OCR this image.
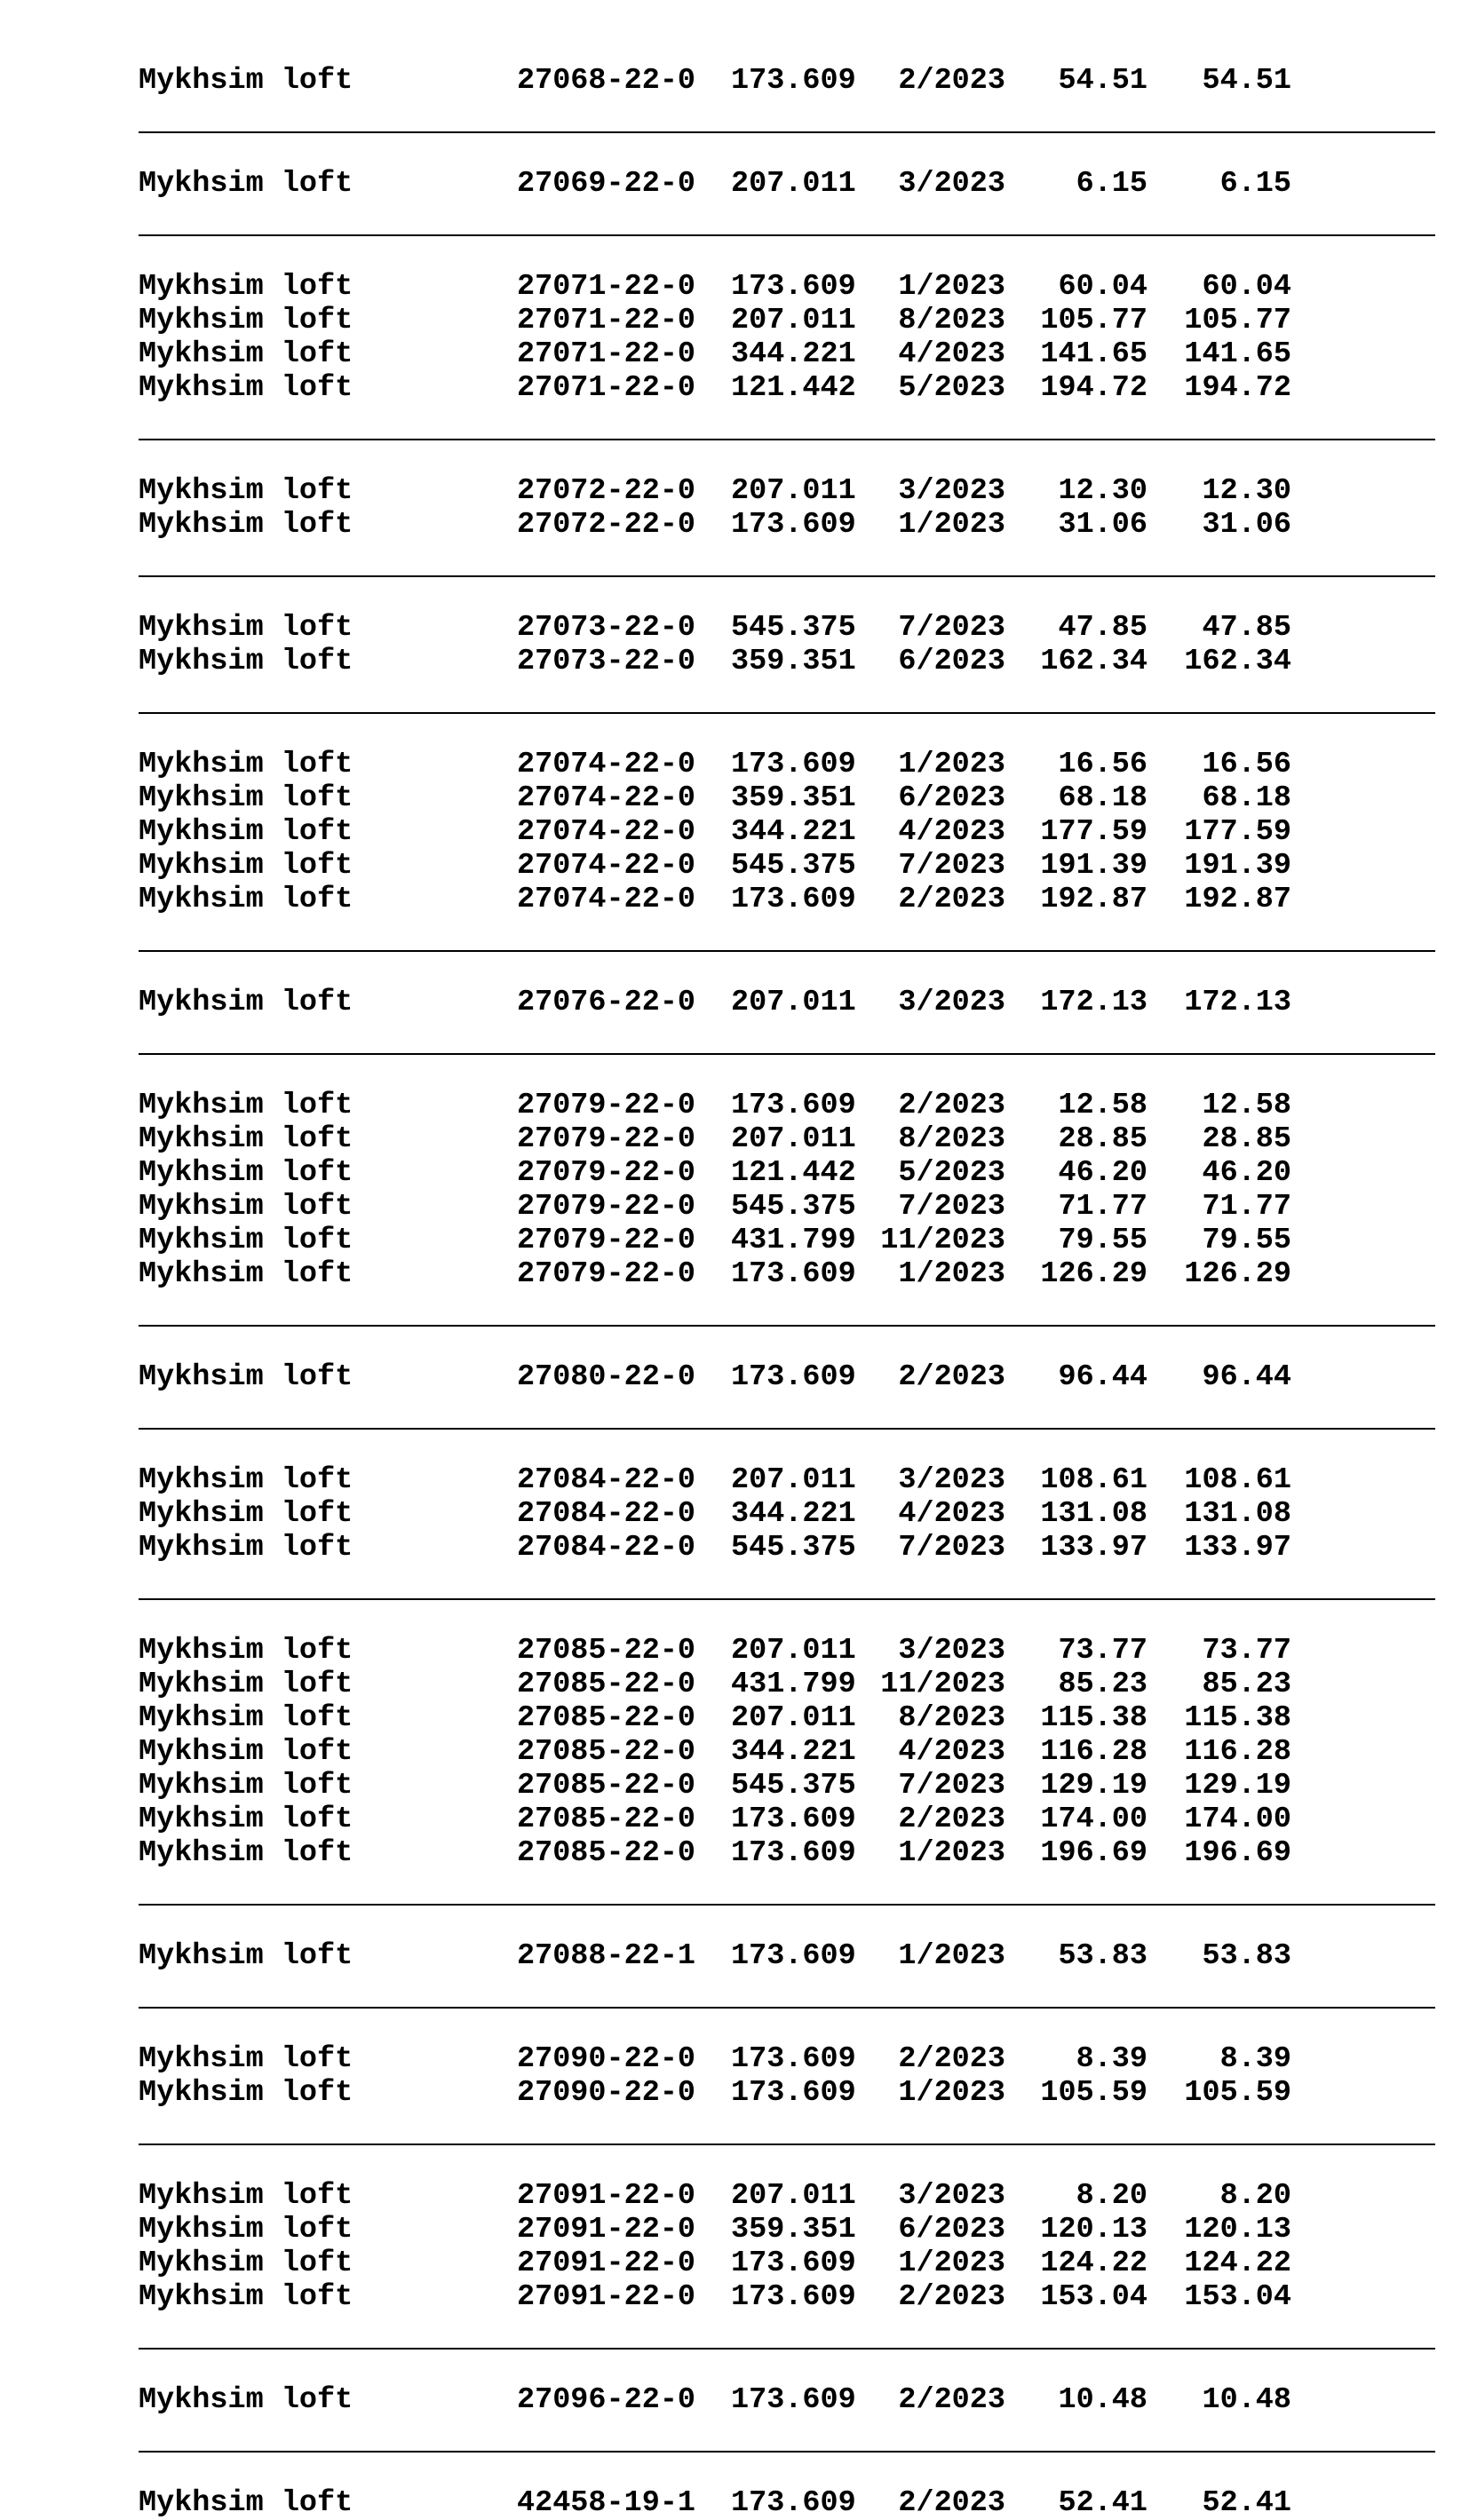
Mykhsim loft	27068-22-0 173.609 2/2023 54.51 54.51
Mykhsim loft	27069-22-0 207.011 3/2023 6.15 6.15
Mykhsim loft	27071-22-0 173.609 1/2023 60.04 60.04
Mykhsim loft	27071-22-0 207.011 8/2023 105.77 105.77
Mykhsim loft	27071-22-0 344.221 4/2023 141.65 141.65
Mykhsim loft	27071-22-0 121.442 5/2023 194.72 194.72
Mykhsim loft	27072-22-0 207.011 3/2023 12.30 12.30
Mykhsim loft	27072-22-0 173.609 1/2023 31.06 31.06
Mykhsim loft	27073-22-0 545.375 7/2023 47.85 47.85
Mykhsim loft	27073-22-0 359.351 6/2023 162.34 162.34
Mykhsim loft	27074-22-0 173.609 1/2023 16.56 16.56
Mykhsim loft	27074-22-0 359.351 6/2023 68.18 68.18
Mykhsim loft	27074-22-0 344.221 4/2023 177.59 177.59
Mykhsim loft	27074-22-0 545.375 7/2023 191.39 191.39
Mykhsim loft	27074-22-0 173.609 2/2023 192.87 192.87
Mykhsim loft	27076-22-0 207.011 3/2023 172.13 172.13
Mykhsim loft	27079-22-0 173.609 2/2023 12.58 12.58
Mykhsim loft	27079-22-0 207.011 8/2023 28.85 28.85
Mykhsim loft	27079-22-0 121.442 5/2023 46.20 46.20
Mykhsim loft	27079-22-0 545.375 7/2023 71.77 71.77
Mykhsim loft	27079-22-0 431.799 11/2023 79.55 79.55
Mykhsim loft	27079-22-0 173.609 1/2023 126.29 126.29
Mykhsim loft	27080-22-0 173.609 2/2023 96.44 96.44
Mykhsim loft	27084-22-0 207.011 3/2023 108.61 108.61
Mykhsim loft	27084-22-0 344.221 4/2023 131.08 131.08
Mykhsim loft	27084-22-0 545.375 7/2023 133.97 133.97
Mykhsim loft	27085-22-0 207.011 3/2023 73.77 73.77
Mykhsim loft	27085-22-0 431.799 11/2023 85.23 85.23
Mykhsim loft	27085-22-0 207.011 8/2023 115.38 115.38
Mykhsim loft	27085-22-0 344.221 4/2023 116.28 116.28
Mykhsim loft	27085-22-0 545.375 7/2023 129.19 129.19
Mykhsim loft	27085-22-0 173.609 2/2023 174.00 174.00
Mykhsim loft	27085-22-0 173.609 1/2023 196.69 196.69
Mykhsim loft	27088-22-1 173.609 1/2023 53.83 53.83
Mykhsim loft	27090-22-0 173.609 2/2023 8.39 8.39
Mykhsim loft	27090-22-0 173.609 1/2023 105.59 105.59
Mykhsim loft	27091-22-0 207.011 3/2023 8.20 8.20
Mykhsim loft	27091-22-0 359.351 6/2023 120.13 120.13
Mykhsim loft	27091-22-0 173.609 1/2023 124.22 124.22
Mykhsim loft	27091-22-0 173.609 2/2023 153.04 153.04
Mykhsim loft	27096-22-0 173.609 2/2023 10.48 10.48
Mykhsim loft	42458-19-1 173.609 2/2023 52.41 52.41
